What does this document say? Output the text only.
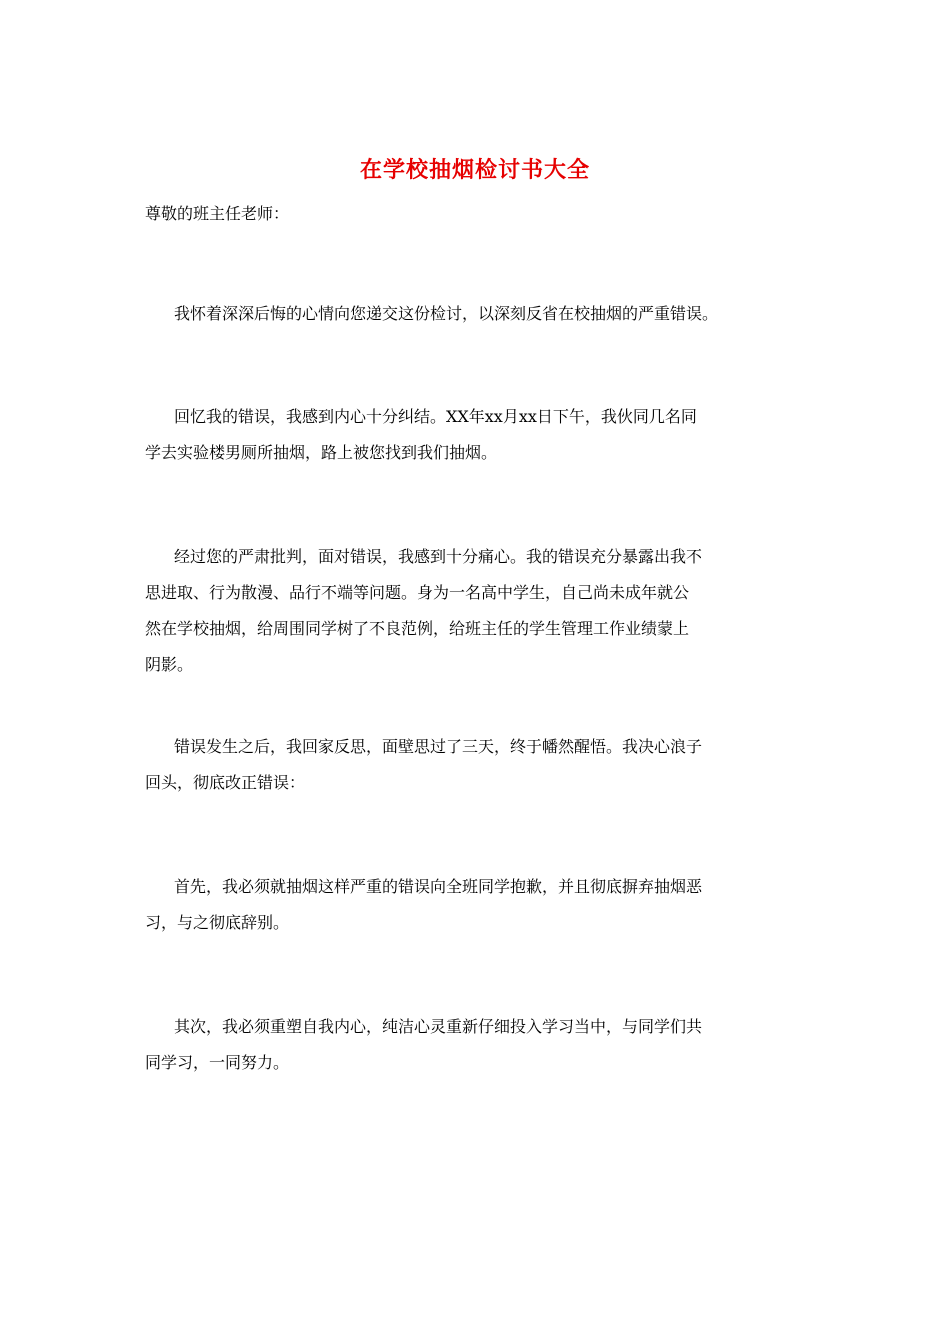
在学校抽烟检讨书大全
尊敬的班主任老师：
我怀着深深后悔的心情向您递交这份检讨，以深刻反省在校抽烟的严重错误。
回忆我的错误，我感到内心十分纠结。XX年xx月xx日下午，我伙同几名同
学去实验楼男厕所抽烟，路上被您找到我们抽烟。
经过您的严肃批判，面对错误，我感到十分痛心。我的错误充分暴露出我不
思进取、行为散漫、品行不端等问题。身为一名高中学生，自己尚未成年就公
然在学校抽烟，给周围同学树了不良范例，给班主任的学生管理工作业绩蒙上
阴影。
错误发生之后，我回家反思，面壁思过了三天，终于幡然醒悟。我决心浪子
回头，彻底改正错误：
首先，我必须就抽烟这样严重的错误向全班同学抱歉，并且彻底摒弃抽烟恶
习，与之彻底辞别。
其次，我必须重塑自我内心，纯洁心灵重新仔细投入学习当中，与同学们共
同学习，一同努力。
